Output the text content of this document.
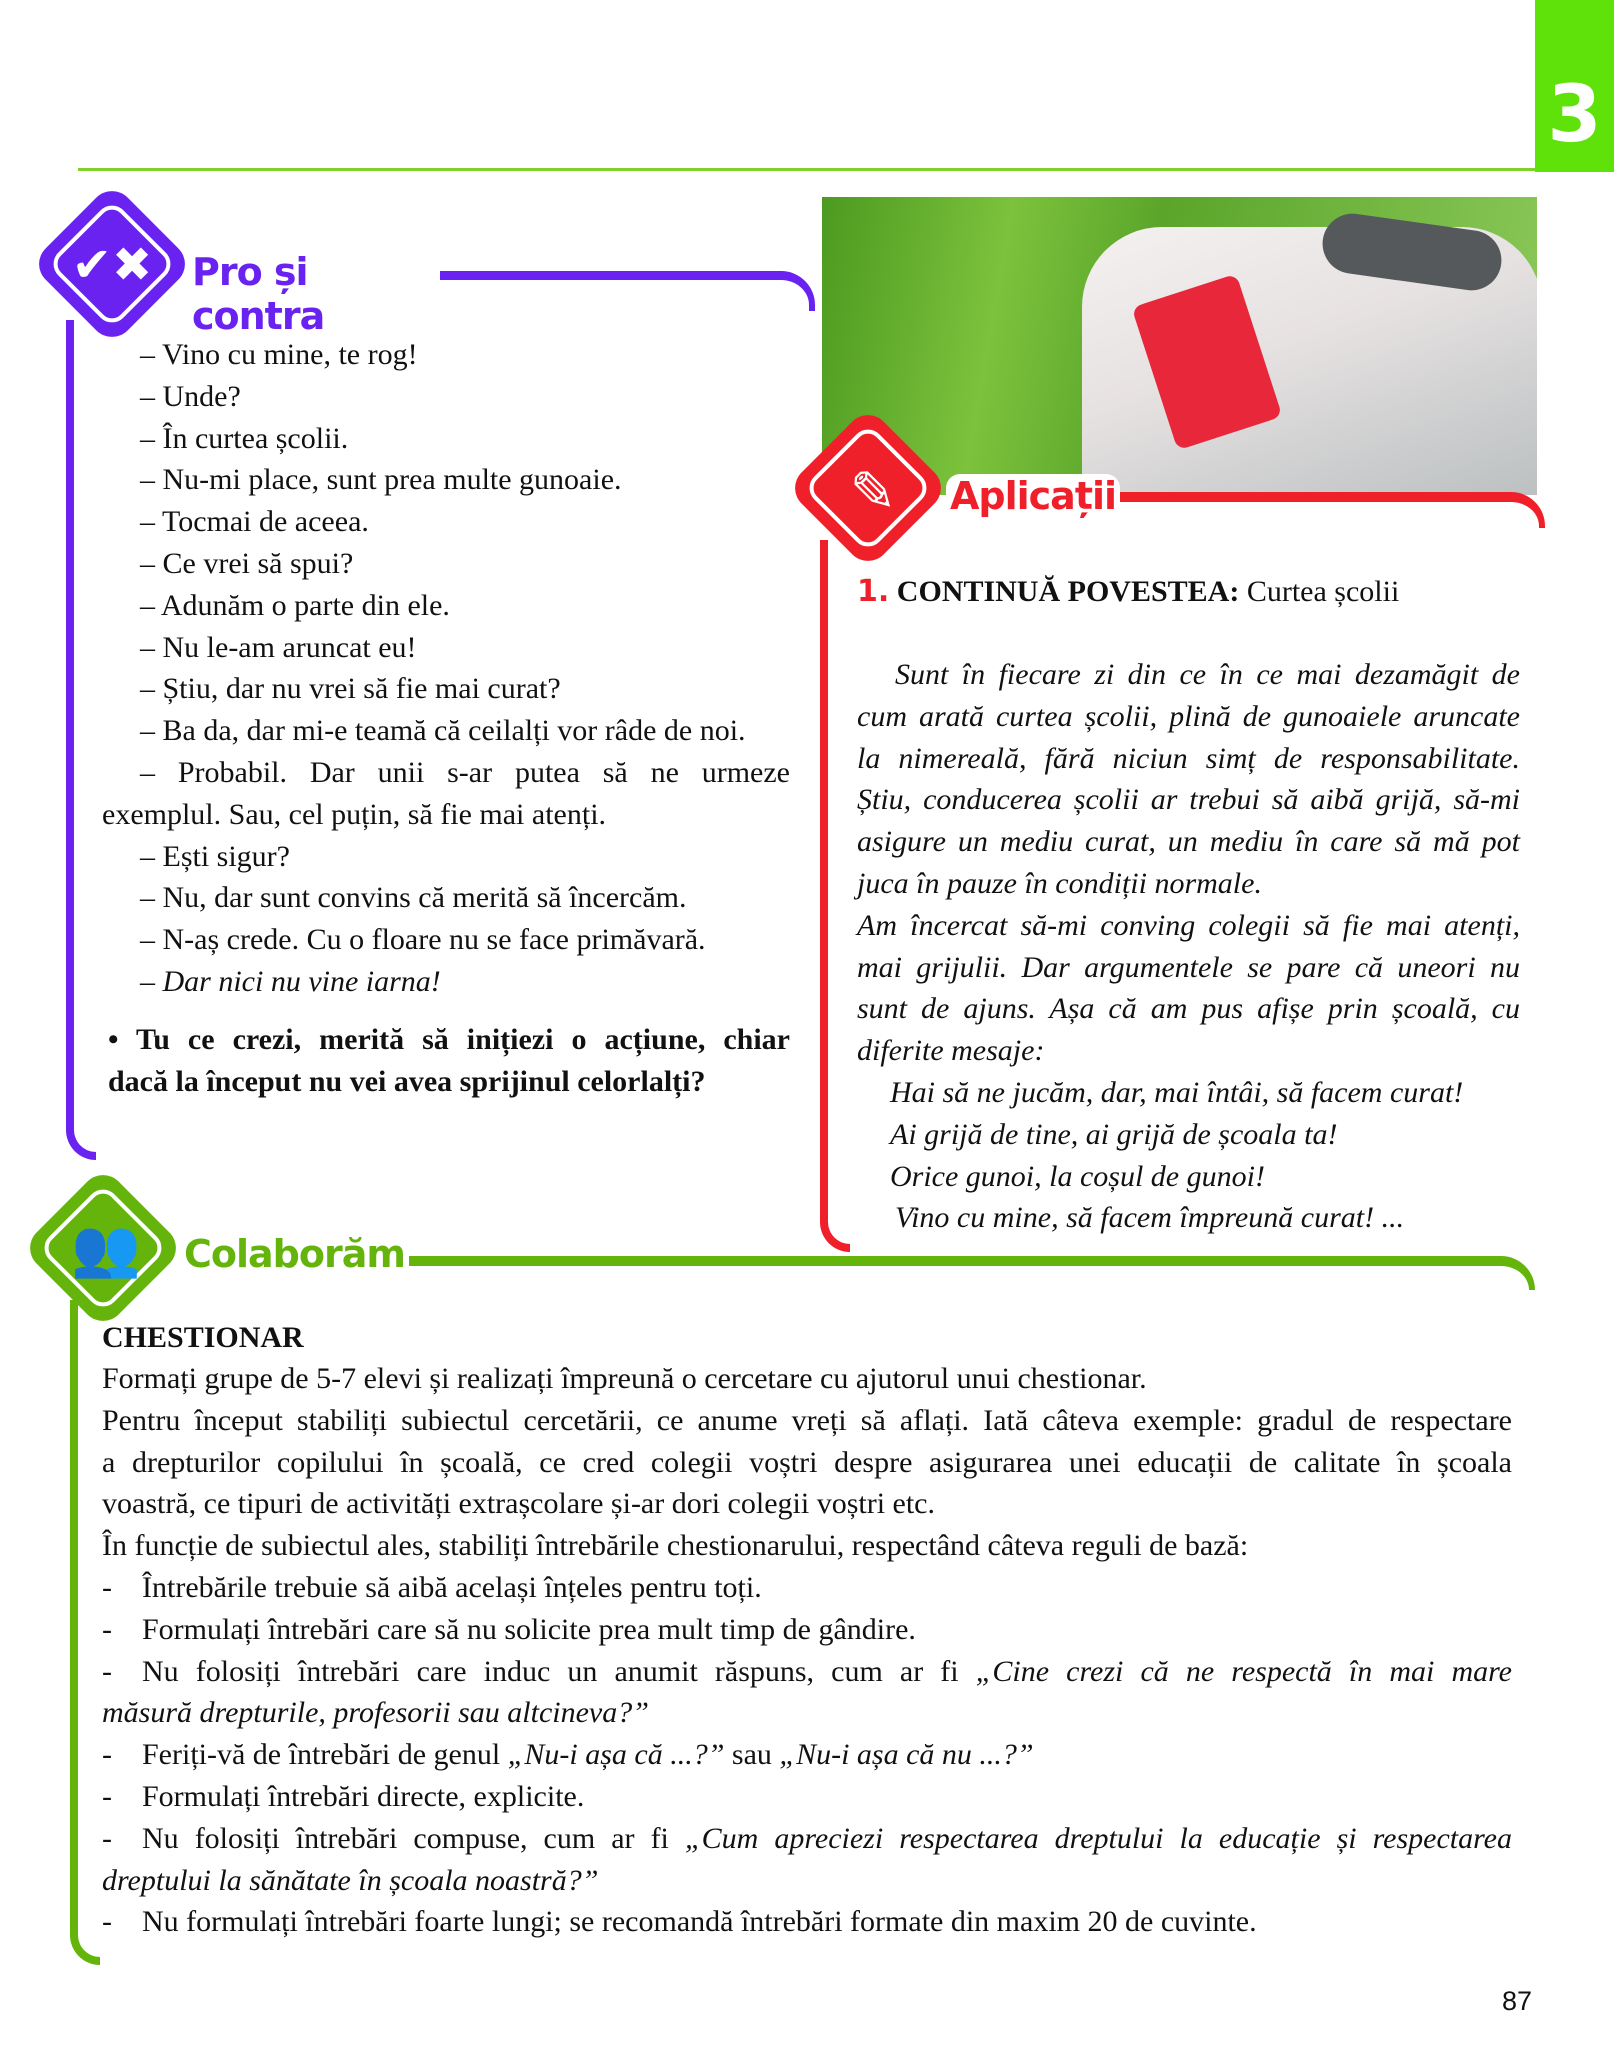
3
✔✖ Pro și contra
– Vino cu mine, te rog!
– Unde?
– În curtea școlii.
– Nu-mi place, sunt prea multe gunoaie.
– Tocmai de aceea.
– Ce vrei să spui?
– Adunăm o parte din ele.
– Nu le-am aruncat eu!
– Știu, dar nu vrei să fie mai curat?
– Ba da, dar mi-e teamă că ceilalți vor râde de noi.
– Probabil. Dar unii s-ar putea să ne urmeze
exemplul. Sau, cel puțin, să fie mai atenți.
– Ești sigur?
– Nu, dar sunt convins că merită să încercăm.
– N-aș crede. Cu o floare nu se face primăvară.
– Dar nici nu vine iarna!
• Tu ce crezi, merită să inițiezi o acțiune, chiar
dacă la început nu vei avea sprijinul celorlalți?
✎	Aplicații
1. CONTINUĂ POVESTEA: Curtea școlii
Sunt în fiecare zi din ce în ce mai dezamăgit de
cum arată curtea școlii, plină de gunoaiele aruncate
la nimereală, fără niciun simț de responsabilitate.
Știu, conducerea școlii ar trebui să aibă grijă, să-mi
asigure un mediu curat, un mediu în care să mă pot
juca în pauze în condiții normale.
Am încercat să-mi conving colegii să fie mai atenți,
mai grijulii. Dar argumentele se pare că uneori nu
sunt de ajuns. Așa că am pus afișe prin școală, cu
diferite mesaje:
Hai să ne jucăm, dar, mai întâi, să facem curat!
Ai grijă de tine, ai grijă de școala ta!
Orice gunoi, la coșul de gunoi!
Vino cu mine, să facem împreună curat! ...
👥	Colaborăm
CHESTIONAR
Formați grupe de 5-7 elevi și realizați împreună o cercetare cu ajutorul unui chestionar.
Pentru început stabiliți subiectul cercetării, ce anume vreți să aflați. Iată câteva exemple: gradul de respectare
a drepturilor copilului în școală, ce cred colegii voștri despre asigurarea unei educații de calitate în școala
voastră, ce tipuri de activități extrașcolare și-ar dori colegii voștri etc.
În funcție de subiectul ales, stabiliți întrebările chestionarului, respectând câteva reguli de bază:
- Întrebările trebuie să aibă același înțeles pentru toți.
- Formulați întrebări care să nu solicite prea mult timp de gândire.
- Nu folosiți întrebări care induc un anumit răspuns, cum ar fi „Cine crezi că ne respectă în mai mare
măsură drepturile, profesorii sau altcineva?”
- Feriți-vă de întrebări de genul „Nu-i așa că ...?” sau „Nu-i așa că nu ...?”
- Formulați întrebări directe, explicite.
- Nu folosiți întrebări compuse, cum ar fi „Cum apreciezi respectarea dreptului la educație și respectarea
dreptului la sănătate în școala noastră?”
- Nu formulați întrebări foarte lungi; se recomandă întrebări formate din maxim 20 de cuvinte.
87
